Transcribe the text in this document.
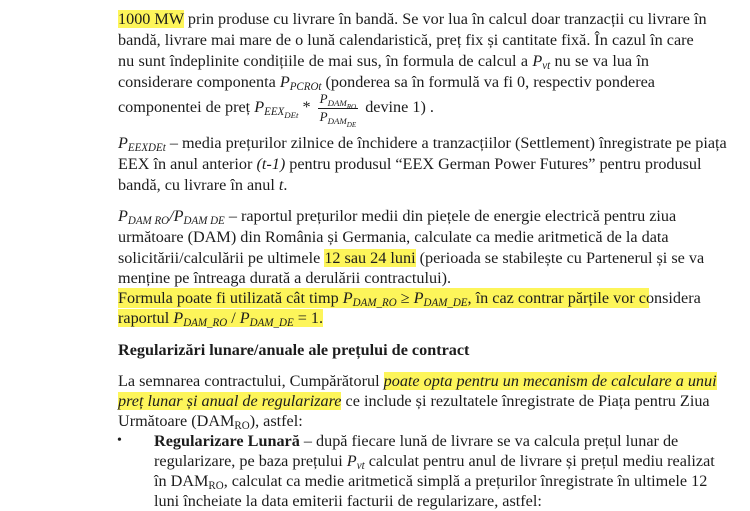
1000 MW prin produse cu livrare în bandă. Se vor lua în calcul doar tranzacții cu livrare în
bandă, livrare mai mare de o lună calendaristică, preț fix și cantitate fixă. În cazul în care
nu sunt îndeplinite condițiile de mai sus, în formula de calcul a $P_{vt}$ nu se va lua în
considerare componenta $P_{PCROt}$ (ponderea sa în formulă va fi 0, respectiv ponderea
componentei de preț $P_{EEX_{DEt}} * \frac{P_{DAM_{RO}}}{P_{DAM_{DE}}}$ devine 1) .
$P_{EEXDEt}$ – media prețurilor zilnice de închidere a tranzacțiilor (Settlement) înregistrate pe piața
EEX în anul anterior (t-1) pentru produsul “EEX German Power Futures” pentru produsul
bandă, cu livrare în anul t.
$P_{DAM RO}/P_{DAM DE}$ – raportul prețurilor medii din piețele de energie electrică pentru ziua
următoare (DAM) din România și Germania, calculate ca medie aritmetică de la data
solicitării/calculării pe ultimele 12 sau 24 luni (perioada se stabilește cu Partenerul și se va
menține pe întreaga durată a derulării contractului).
Formula poate fi utilizată cât timp $P_{DAM\_RO} \ge P_{DAM\_DE}$, în caz contrar părțile vor considera
raportul $P_{DAM\_RO} / P_{DAM\_DE} = 1$.
Regularizări lunare/anuale ale prețului de contract
La semnarea contractului, Cumpărătorul poate opta pentru un mecanism de calculare a unui
preț lunar și anual de regularizare ce include și rezultatele înregistrate de Piața pentru Ziua
Următoare $(DAM_{RO})$, astfel:
• Regularizare Lunară – după fiecare lună de livrare se va calcula prețul lunar de
regularizare, pe baza prețului $P_{vt}$ calculat pentru anul de livrare și prețul mediu realizat
în $DAM_{RO}$, calculat ca medie aritmetică simplă a prețurilor înregistrate în ultimele 12
luni încheiate la data emiterii facturii de regularizare, astfel:
